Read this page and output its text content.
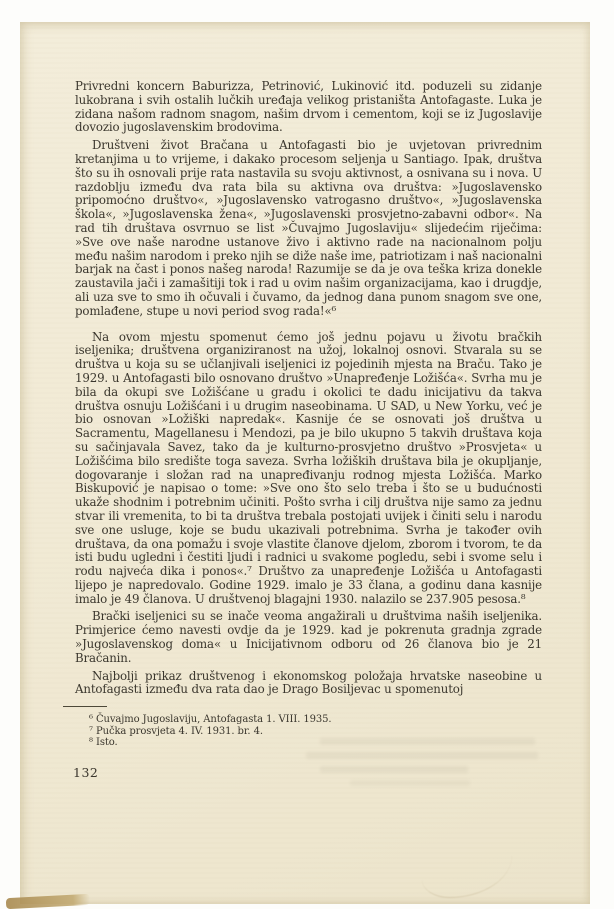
Privredni koncern Baburizza, Petrinović, Lukinović itd. poduzeli su zidanje lukobrana i svih ostalih lučkih uređaja velikog pristaništa Antofagaste. Luka je zidana našom radnom snagom, našim drvom i cementom, koji se iz Jugoslavije dovozio jugoslavenskim brodovima.

Društveni život Bračana u Antofagasti bio je uvjetovan privrednim kretanjima u to vrijeme, i dakako procesom seljenja u Santiago. Ipak, društva što su ih osnovali prije rata nastavila su svoju aktivnost, a osnivana su i nova. U razdoblju između dva rata bila su aktivna ova društva: »Jugoslavensko pripomoćno društvo«, »Jugoslavensko vatrogasno društvo«, »Jugoslavenska škola«, »Jugoslavenska žena«, »Jugoslavenski prosvjetno-zabavni odbor«. Na rad tih društava osvrnuo se list »Čuvajmo Jugoslaviju« slijedećim riječima: »Sve ove naše narodne ustanove živo i aktivno rade na nacionalnom polju među našim narodom i preko njih se diže naše ime, patriotizam i naš nacionalni barjak na čast i ponos našeg naroda! Razumije se da je ova teška kriza donekle zaustavila jači i zamašitiji tok i rad u ovim našim organizacijama, kao i drugdje, ali uza sve to smo ih očuvali i čuvamo, da jednog dana punom snagom sve one, pomlađene, stupe u novi period svog rada!«⁶

Na ovom mjestu spomenut ćemo još jednu pojavu u životu bračkih iseljenika; društvena organiziranost na užoj, lokalnoj osnovi. Stvarala su se društva u koja su se učlanjivali iseljenici iz pojedinih mjesta na Braču. Tako je 1929. u Antofagasti bilo osnovano društvo »Unapređenje Ložišća«. Svrha mu je bila da okupi sve Ložišćane u gradu i okolici te dadu inicijativu da takva društva osnuju Ložišćani i u drugim naseobinama. U SAD, u New Yorku, već je bio osnovan »Ložiški napredak«. Kasnije će se osnovati još društva u Sacramentu, Magellanesu i Mendozi, pa je bilo ukupno 5 takvih društava koja su sačinjavala Savez, tako da je kulturno-prosvjetno društvo »Prosvjeta« u Ložišćima bilo središte toga saveza. Svrha ložiških društava bila je okupljanje, dogovaranje i složan rad na unapređivanju rodnog mjesta Ložišća. Marko Biskupović je napisao o tome: »Sve ono što selo treba i što se u budućnosti ukaže shodnim i potrebnim učiniti. Pošto svrha i cilj društva nije samo za jednu stvar ili vremenita, to bi ta društva trebala postojati uvijek i činiti selu i narodu sve one usluge, koje se budu ukazivali potrebnima. Svrha je također ovih društava, da ona pomažu i svoje vlastite članove djelom, zborom i tvorom, te da isti budu ugledni i čestiti ljudi i radnici u svakome pogledu, sebi i svome selu i rodu najveća dika i ponos«.⁷ Društvo za unapređenje Ložišća u Antofagasti lijepo je napredovalo. Godine 1929. imalo je 33 člana, a godinu dana kasnije imalo je 49 članova. U društvenoj blagajni 1930. nalazilo se 237.905 pesosa.⁸

Brački iseljenici su se inače veoma angažirali u društvima naših iseljenika. Primjerice ćemo navesti ovdje da je 1929. kad je pokrenuta gradnja zgrade »Jugoslavenskog doma« u Inicijativnom odboru od 26 članova bio je 21 Bračanin.

Najbolji prikaz društvenog i ekonomskog položaja hrvatske naseobine u Antofagasti između dva rata dao je Drago Bosiljevac u spomenutoj

⁶ Čuvajmo Jugoslaviju, Antofagasta 1. VIII. 1935.

⁷ Pučka prosvjeta 4. IV. 1931. br. 4.

⁸ Isto.

132
